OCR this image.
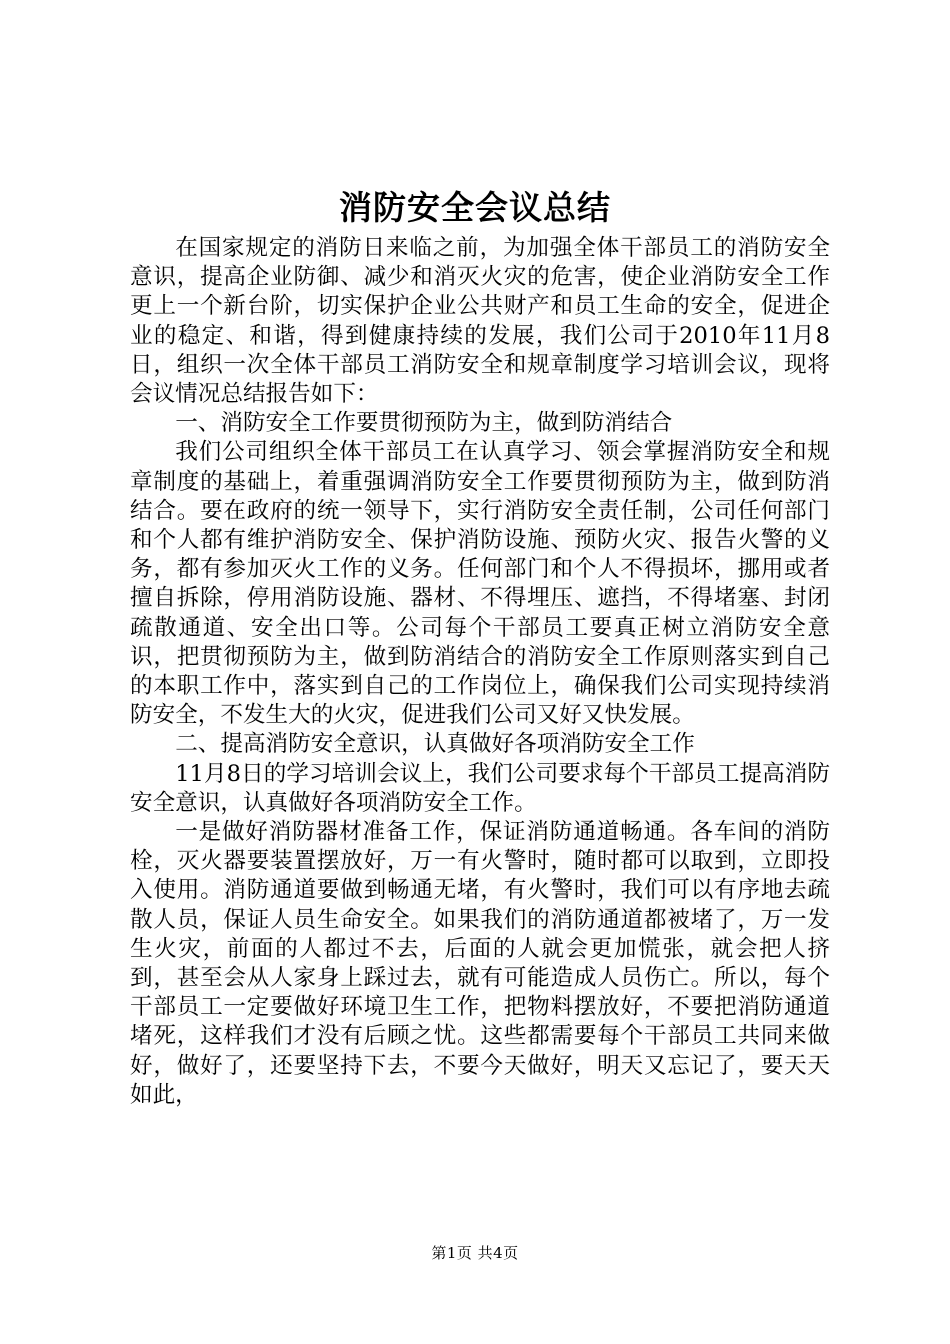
消防安全会议总结

在国家规定的消防日来临之前，为加强全体干部员工的消防安全意识，提高企业防御、减少和消灭火灾的危害，使企业消防安全工作更上一个新台阶，切实保护企业公共财产和员工生命的安全，促进企业的稳定、和谐，得到健康持续的发展，我们公司于2010年11月8日，组织一次全体干部员工消防安全和规章制度学习培训会议，现将会议情况总结报告如下：

一、消防安全工作要贯彻预防为主，做到防消结合

我们公司组织全体干部员工在认真学习、领会掌握消防安全和规章制度的基础上，着重强调消防安全工作要贯彻预防为主，做到防消结合。要在政府的统一领导下，实行消防安全责任制，公司任何部门和个人都有维护消防安全、保护消防设施、预防火灾、报告火警的义务，都有参加灭火工作的义务。任何部门和个人不得损坏，挪用或者擅自拆除，停用消防设施、器材、不得埋压、遮挡，不得堵塞、封闭疏散通道、安全出口等。公司每个干部员工要真正树立消防安全意识，把贯彻预防为主，做到防消结合的消防安全工作原则落实到自己的本职工作中，落实到自己的工作岗位上，确保我们公司实现持续消防安全，不发生大的火灾，促进我们公司又好又快发展。

二、提高消防安全意识，认真做好各项消防安全工作

11月8日的学习培训会议上，我们公司要求每个干部员工提高消防安全意识，认真做好各项消防安全工作。

一是做好消防器材准备工作，保证消防通道畅通。各车间的消防栓，灭火器要装置摆放好，万一有火警时，随时都可以取到，立即投入使用。消防通道要做到畅通无堵，有火警时，我们可以有序地去疏散人员，保证人员生命安全。如果我们的消防通道都被堵了，万一发生火灾，前面的人都过不去，后面的人就会更加慌张，就会把人挤到，甚至会从人家身上踩过去，就有可能造成人员伤亡。所以，每个干部员工一定要做好环境卫生工作，把物料摆放好，不要把消防通道堵死，这样我们才没有后顾之忧。这些都需要每个干部员工共同来做好，做好了，还要坚持下去，不要今天做好，明天又忘记了，要天天如此，

第1页 共4页
